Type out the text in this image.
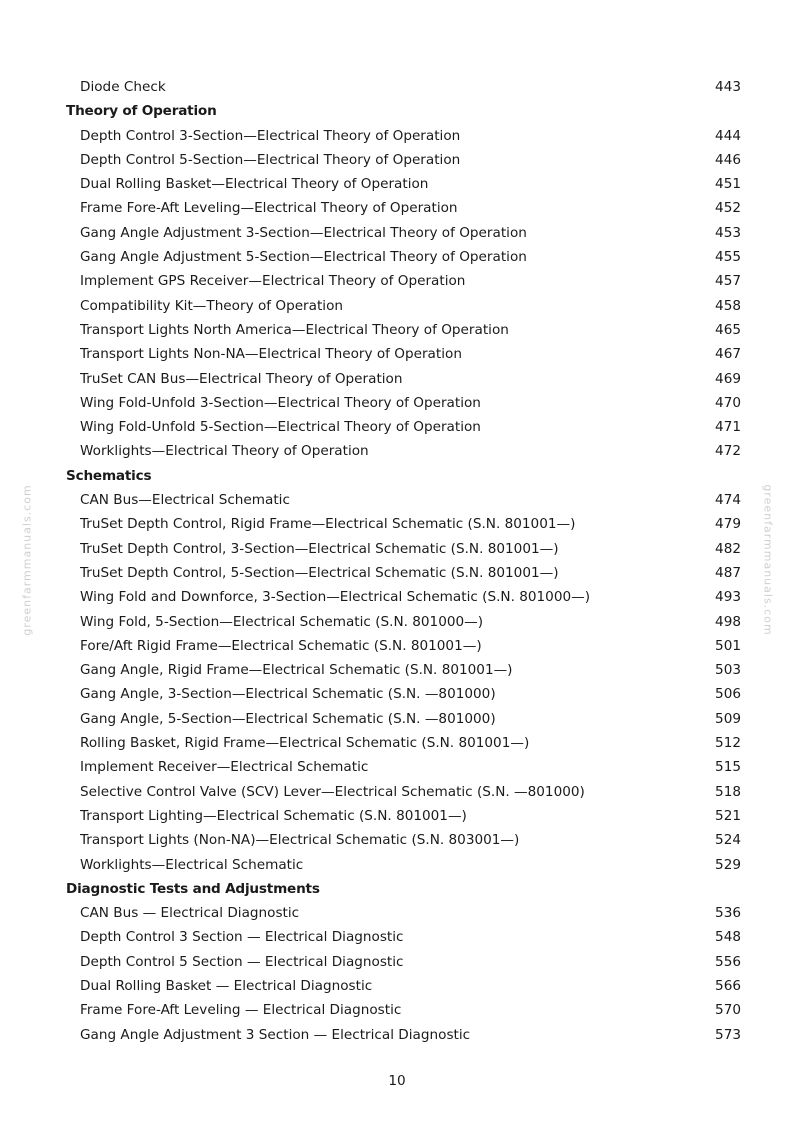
greenfarmmanuals.com	greenfarmmanuals.com
Diode Check	443
Theory of Operation
Depth Control 3-Section—Electrical Theory of Operation	444
Depth Control 5-Section—Electrical Theory of Operation	446
Dual Rolling Basket—Electrical Theory of Operation	451
Frame Fore-Aft Leveling—Electrical Theory of Operation	452
Gang Angle Adjustment 3-Section—Electrical Theory of Operation	453
Gang Angle Adjustment 5-Section—Electrical Theory of Operation	455
Implement GPS Receiver—Electrical Theory of Operation	457
Compatibility Kit—Theory of Operation	458
Transport Lights North America—Electrical Theory of Operation	465
Transport Lights Non-NA—Electrical Theory of Operation	467
TruSet CAN Bus—Electrical Theory of Operation	469
Wing Fold-Unfold 3-Section—Electrical Theory of Operation	470
Wing Fold-Unfold 5-Section—Electrical Theory of Operation	471
Worklights—Electrical Theory of Operation	472
Schematics
CAN Bus—Electrical Schematic	474
TruSet Depth Control, Rigid Frame—Electrical Schematic (S.N. 801001—)	479
TruSet Depth Control, 3-Section—Electrical Schematic (S.N. 801001—)	482
TruSet Depth Control, 5-Section—Electrical Schematic (S.N. 801001—)	487
Wing Fold and Downforce, 3-Section—Electrical Schematic (S.N. 801000—)	493
Wing Fold, 5-Section—Electrical Schematic (S.N. 801000—)	498
Fore/Aft Rigid Frame—Electrical Schematic (S.N. 801001—)	501
Gang Angle, Rigid Frame—Electrical Schematic (S.N. 801001—)	503
Gang Angle, 3-Section—Electrical Schematic (S.N. —801000)	506
Gang Angle, 5-Section—Electrical Schematic (S.N. —801000)	509
Rolling Basket, Rigid Frame—Electrical Schematic (S.N. 801001—)	512
Implement Receiver—Electrical Schematic	515
Selective Control Valve (SCV) Lever—Electrical Schematic (S.N. —801000)	518
Transport Lighting—Electrical Schematic (S.N. 801001—)	521
Transport Lights (Non-NA)—Electrical Schematic (S.N. 803001—)	524
Worklights—Electrical Schematic	529
Diagnostic Tests and Adjustments
CAN Bus — Electrical Diagnostic	536
Depth Control 3 Section — Electrical Diagnostic	548
Depth Control 5 Section — Electrical Diagnostic	556
Dual Rolling Basket — Electrical Diagnostic	566
Frame Fore-Aft Leveling — Electrical Diagnostic	570
Gang Angle Adjustment 3 Section — Electrical Diagnostic	573
10
